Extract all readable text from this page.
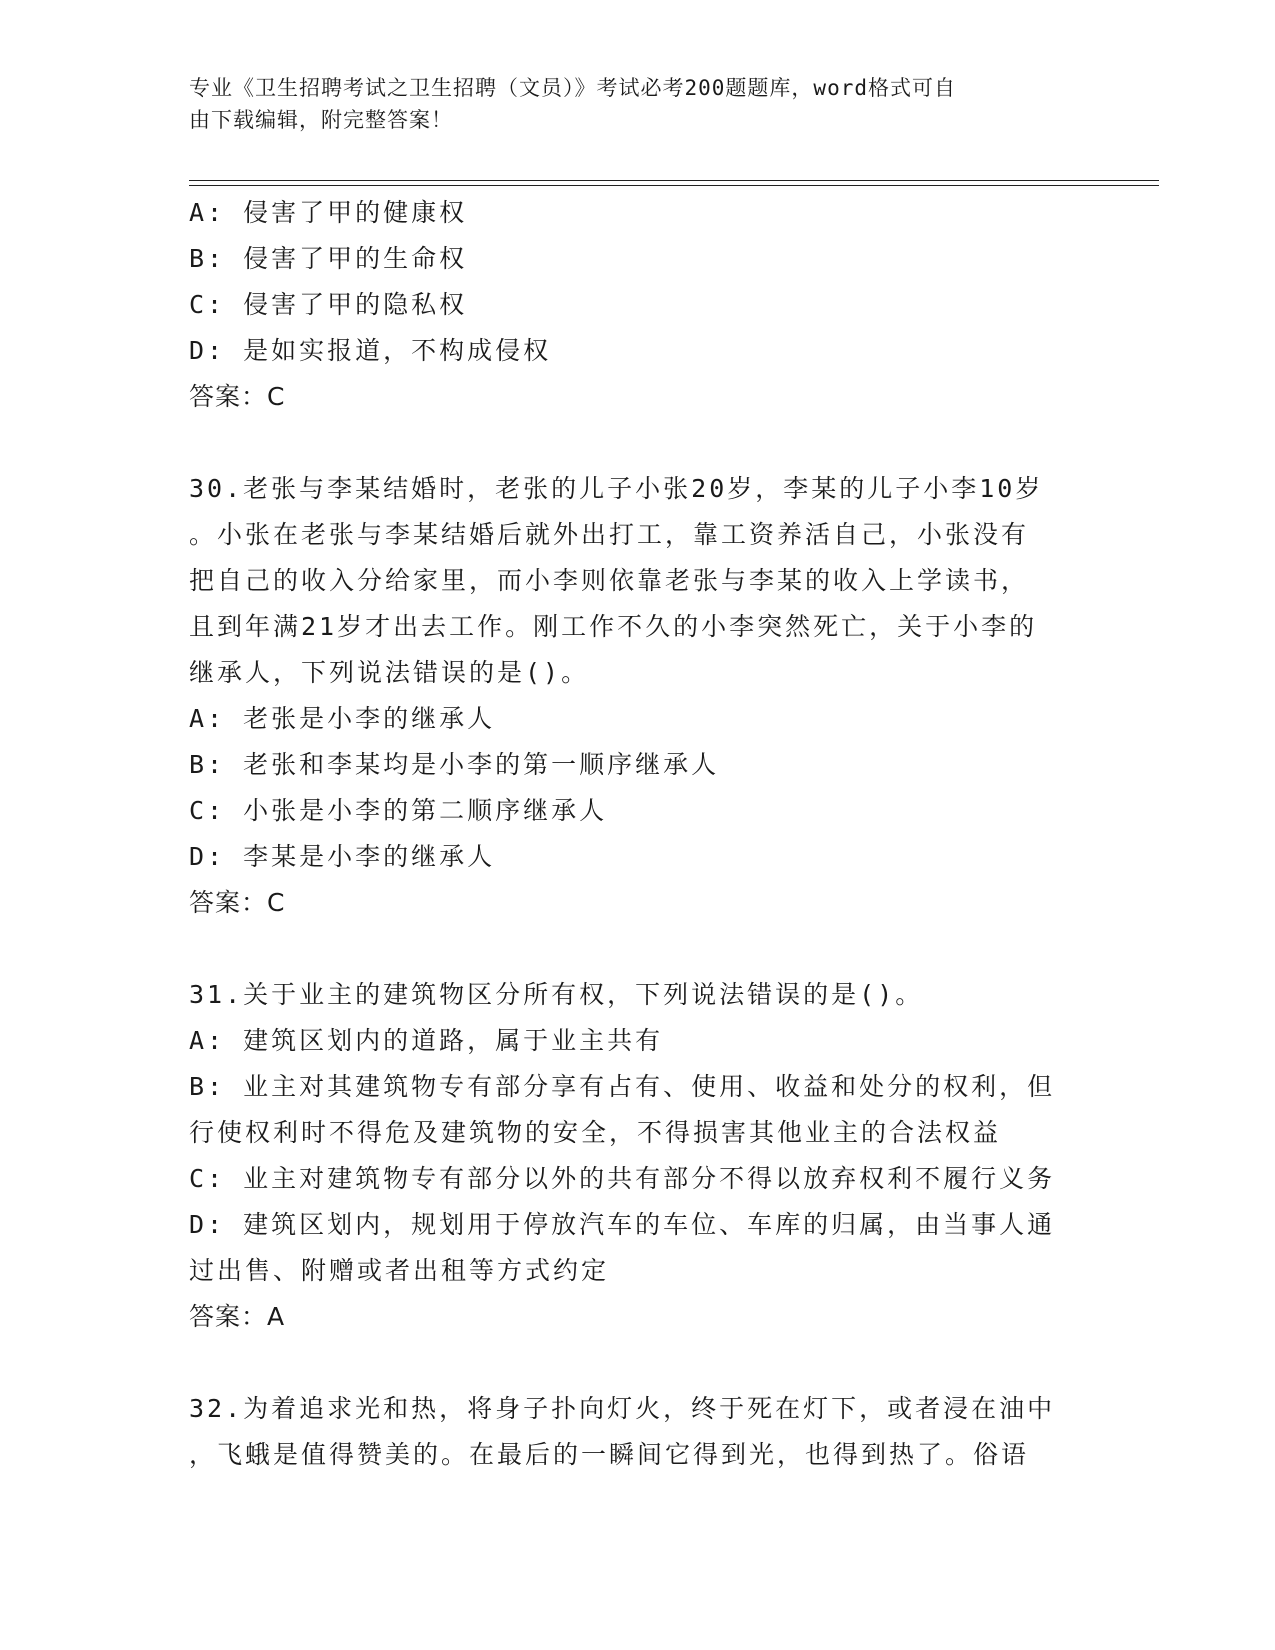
专业《卫生招聘考试之卫生招聘（文员）》考试必考200题题库，word格式可自
由下载编辑，附完整答案！
A: 侵害了甲的健康权
B: 侵害了甲的生命权
C: 侵害了甲的隐私权
D: 是如实报道，不构成侵权
答案：C
30.老张与李某结婚时，老张的儿子小张20岁，李某的儿子小李10岁
。小张在老张与李某结婚后就外出打工，靠工资养活自己，小张没有
把自己的收入分给家里，而小李则依靠老张与李某的收入上学读书，
且到年满21岁才出去工作。刚工作不久的小李突然死亡，关于小李的
继承人，下列说法错误的是()。
A: 老张是小李的继承人
B: 老张和李某均是小李的第一顺序继承人
C: 小张是小李的第二顺序继承人
D: 李某是小李的继承人
答案：C
31.关于业主的建筑物区分所有权，下列说法错误的是()。
A: 建筑区划内的道路，属于业主共有
B: 业主对其建筑物专有部分享有占有、使用、收益和处分的权利，但
行使权利时不得危及建筑物的安全，不得损害其他业主的合法权益
C: 业主对建筑物专有部分以外的共有部分不得以放弃权利不履行义务
D: 建筑区划内，规划用于停放汽车的车位、车库的归属，由当事人通
过出售、附赠或者出租等方式约定
答案：A
32.为着追求光和热，将身子扑向灯火，终于死在灯下，或者浸在油中
，飞蛾是值得赞美的。在最后的一瞬间它得到光，也得到热了。俗语
